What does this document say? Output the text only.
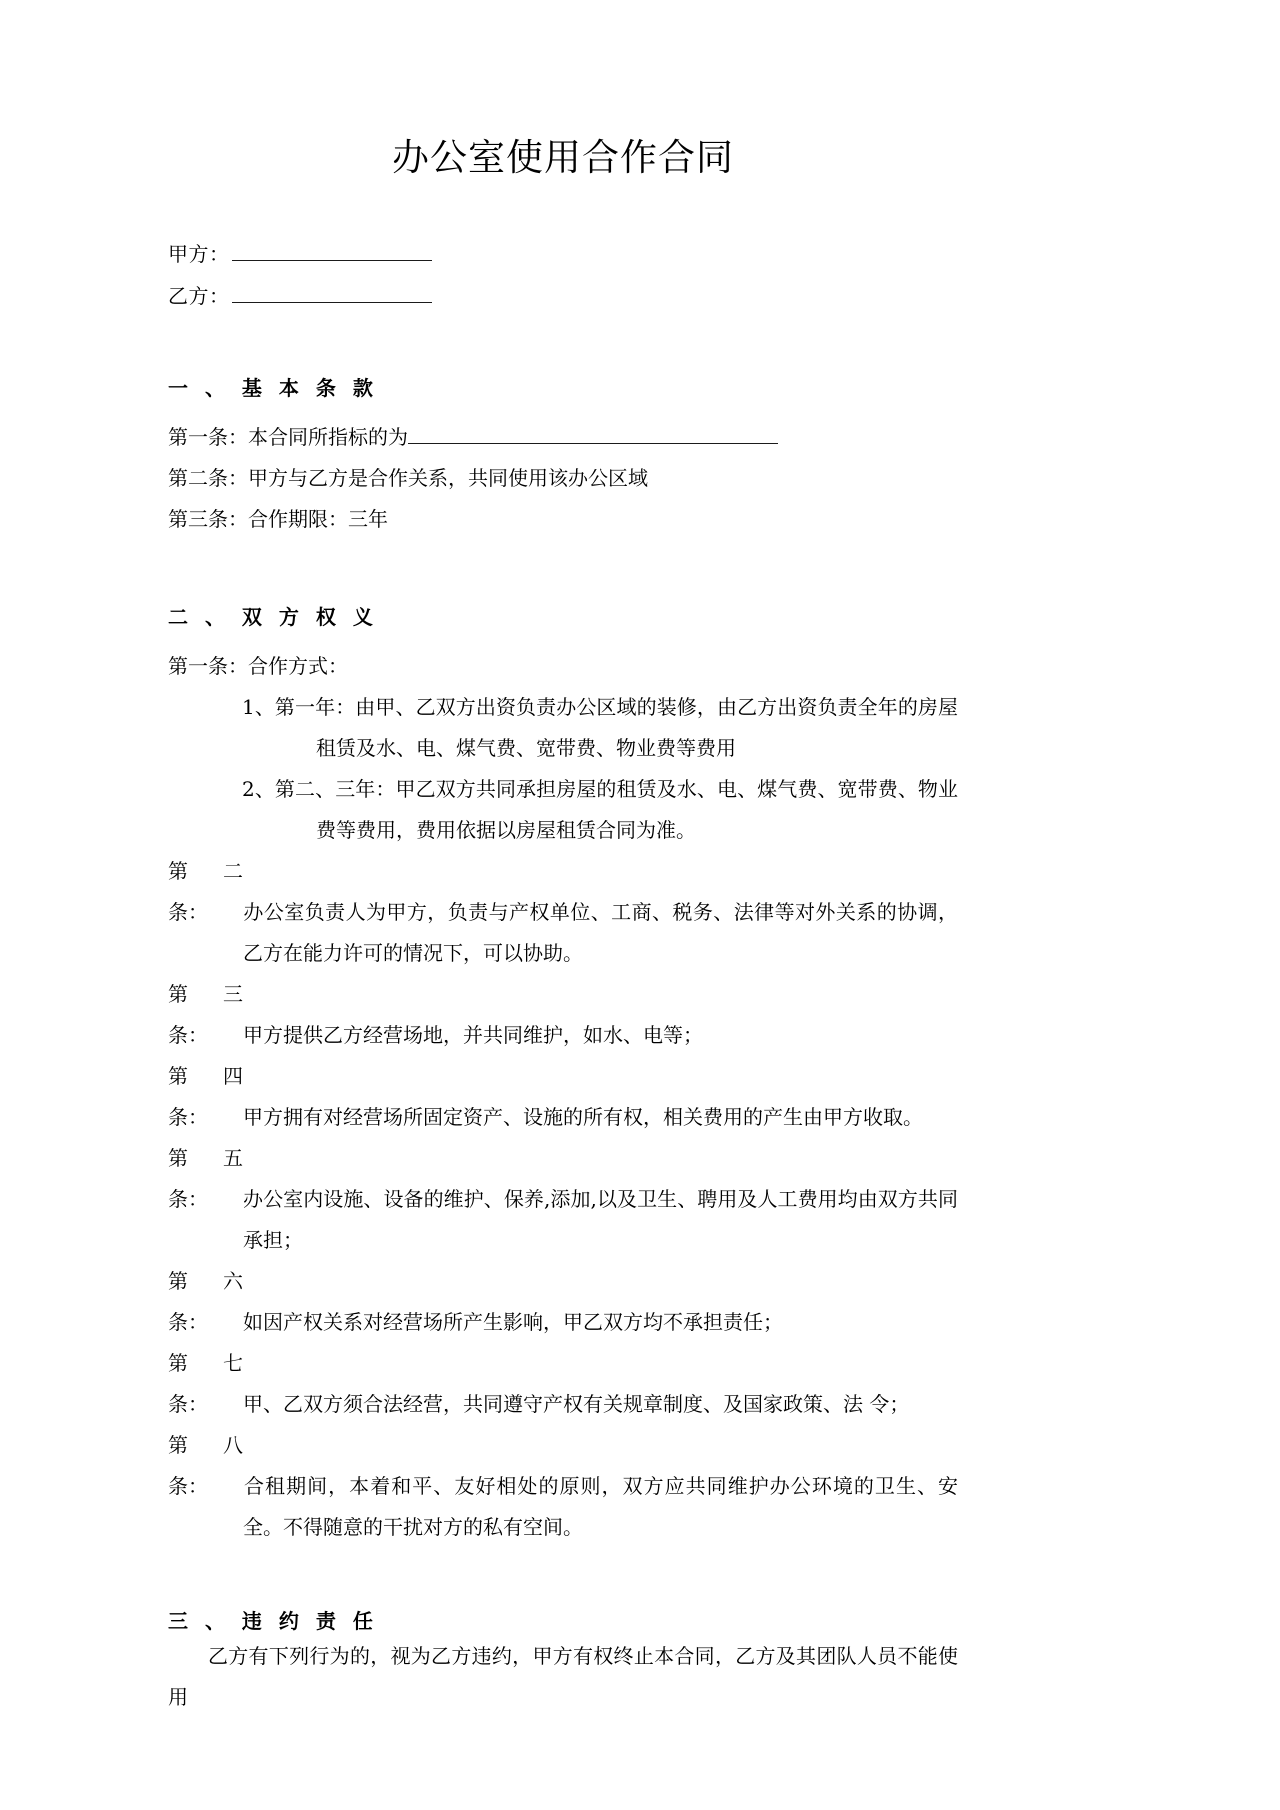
办公室使用合作合同
甲方：
乙方：
一 、 基 本 条 款

第一条：本合同所指标的为

第二条：甲方与乙方是合作关系，共同使用该办公区域

第三条：合作期限：三年

二 、 双 方 权 义

第一条：合作方式：

1、第一年：由甲、乙双方出资负责办公区域的装修，由乙方出资负责全年的房屋租赁及水、电、煤气费、宽带费、物业费等费用

2、第二、三年：甲乙双方共同承担房屋的租赁及水、电、煤气费、宽带费、物业费等费用，费用依据以房屋租赁合同为准。

第二条： 办公室负责人为甲方，负责与产权单位、工商、税务、法律等对外关系的协调，乙方在能力许可的情况下，可以协助。

第三条： 甲方提供乙方经营场地，并共同维护，如水、电等；

第四条： 甲方拥有对经营场所固定资产、设施的所有权，相关费用的产生由甲方收取。

第五条： 办公室内设施、设备的维护、保养,添加,以及卫生、聘用及人工费用均由双方共同承担；

第六条： 如因产权关系对经营场所产生影响，甲乙双方均不承担责任；

第七条： 甲、乙双方须合法经营，共同遵守产权有关规章制度、及国家政策、法 令；

第八条： 合租期间，本着和平、友好相处的原则，双方应共同维护办公环境的卫生、安全。不得随意的干扰对方的私有空间。

三 、 违 约 责 任

乙方有下列行为的，视为乙方违约，甲方有权终止本合同，乙方及其团队人员不能使用
